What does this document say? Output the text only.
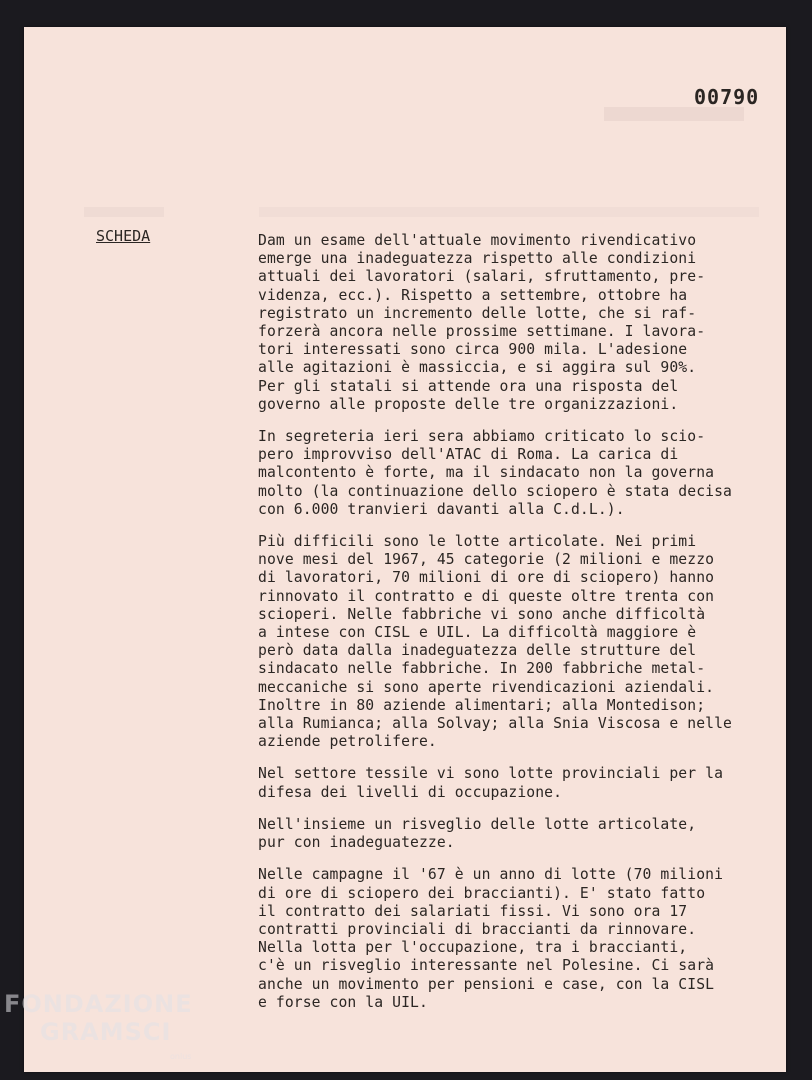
00790
SCHEDA	Dam un esame dell'attuale movimento rivendicativo
emerge una inadeguatezza rispetto alle condizioni
attuali dei lavoratori (salari, sfruttamento, pre-
videnza, ecc.). Rispetto a settembre, ottobre ha
registrato un incremento delle lotte, che si raf-
forzerà ancora nelle prossime settimane. I lavora-
tori interessati sono circa 900 mila. L'adesione
alle agitazioni è massiccia, e si aggira sul 90%.
Per gli statali si attende ora una risposta del
governo alle proposte delle tre organizzazioni.
In segreteria ieri sera abbiamo criticato lo scio-
pero improvviso dell'ATAC di Roma. La carica di
malcontento è forte, ma il sindacato non la governa
molto (la continuazione dello sciopero è stata decisa
con 6.000 tranvieri davanti alla C.d.L.).
Più difficili sono le lotte articolate. Nei primi
nove mesi del 1967, 45 categorie (2 milioni e mezzo
di lavoratori, 70 milioni di ore di sciopero) hanno
rinnovato il contratto e di queste oltre trenta con
scioperi. Nelle fabbriche vi sono anche difficoltà
a intese con CISL e UIL. La difficoltà maggiore è
però data dalla inadeguatezza delle strutture del
sindacato nelle fabbriche. In 200 fabbriche metal-
meccaniche si sono aperte rivendicazioni aziendali.
Inoltre in 80 aziende alimentari; alla Montedison;
alla Rumianca; alla Solvay; alla Snia Viscosa e nelle
aziende petrolifere.
Nel settore tessile vi sono lotte provinciali per la
difesa dei livelli di occupazione.
Nell'insieme un risveglio delle lotte articolate,
pur con inadeguatezze.
Nelle campagne il '67 è un anno di lotte (70 milioni
di ore di sciopero dei braccianti). E' stato fatto
il contratto dei salariati fissi. Vi sono ora 17
contratti provinciali di braccianti da rinnovare.
Nella lotta per l'occupazione, tra i braccianti,
c'è un risveglio interessante nel Polesine. Ci sarà
anche un movimento per pensioni e case, con la CISL
e forse con la UIL.
FONDAZIONE
GRAMSCI
onlus
